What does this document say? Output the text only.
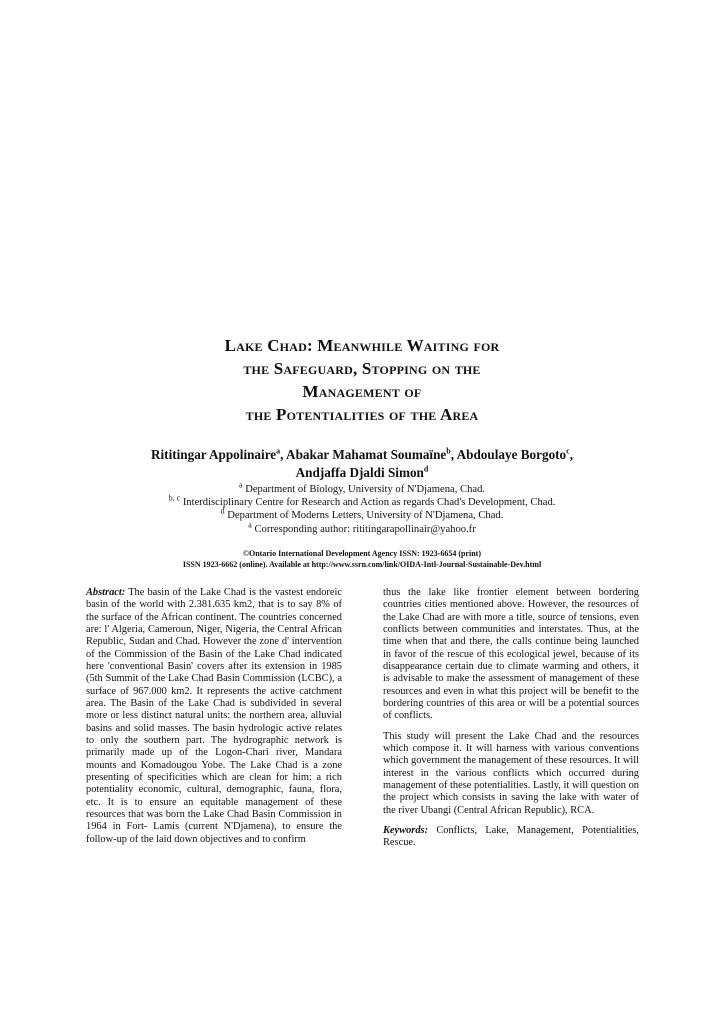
Lake Chad: Meanwhile Waiting for
the Safeguard, Stopping on the
Management of
the Potentialities of the Area
Rititingar Appolinaire$^a$, Abakar Mahamat Soumaïne$^b$, Abdoulaye Borgoto$^c$,
Andjaffa Djaldi Simon$^d$
$^a$ Department of Biology, University of N'Djamena, Chad.
$^{b, c}$ Interdisciplinary Centre for Research and Action as regards Chad's Development, Chad.
$^d$ Department of Moderns Letters, University of N'Djamena, Chad.
$^a$ Corresponding author: rititingarapollinair@yahoo.fr
©Ontario International Development Agency ISSN: 1923-6654 (print)
ISSN 1923-6662 (online). Available at http://www.ssrn.com/link/OIDA-Intl-Journal-Sustainable-Dev.html

Abstract: The basin of the Lake Chad is the vastest endoreic basin of the world with 2.381.635 km2, that is to say 8% of the surface of the African continent. The countries concerned are: l' Algeria, Cameroun, Niger, Nigeria, the Central African Republic, Sudan and Chad. However the zone d' intervention of the Commission of the Basin of the Lake Chad indicated here 'conventional Basin' covers after its extension in 1985 (5th Summit of the Lake Chad Basin Commission (LCBC), a surface of 967.000 km2. It represents the active catchment area. The Basin of the Lake Chad is subdivided in several more or less distinct natural units: the northern area, alluvial basins and solid masses. The basin hydrologic active relates to only the southern part. The hydrographic network is primarily made up of the Logon-Chari river, Mandara mounts and Komadougou Yobe. The Lake Chad is a zone presenting of specificities which are clean for him: a rich potentiality economic, cultural, demographic, fauna, flora, etc. It is to ensure an equitable management of these resources that was born the Lake Chad Basin Commission in 1964 in Fort- Lamis (current N'Djamena), to ensure the follow-up of the laid down objectives and to confirm

thus the lake like frontier element between bordering countries cities mentioned above. However, the resources of the Lake Chad are with more a title, source of tensions, even conflicts between communities and interstates. Thus, at the time when that and there, the calls continue being launched in favor of the rescue of this ecological jewel, because of its disappearance certain due to climate warming and others, it is advisable to make the assessment of management of these resources and even in what this project will be benefit to the bordering countries of this area or will be a potential sources of conflicts.

This study will present the Lake Chad and the resources which compose it. It will harness with various conventions which government the management of these resources. It will interest in the various conflicts which occurred during management of these potentialities. Lastly, it will question on the project which consists in saving the lake with water of the river Ubangi (Central African Republic), RCA.

Keywords: Conflicts, Lake, Management, Potentialities, Rescue.
